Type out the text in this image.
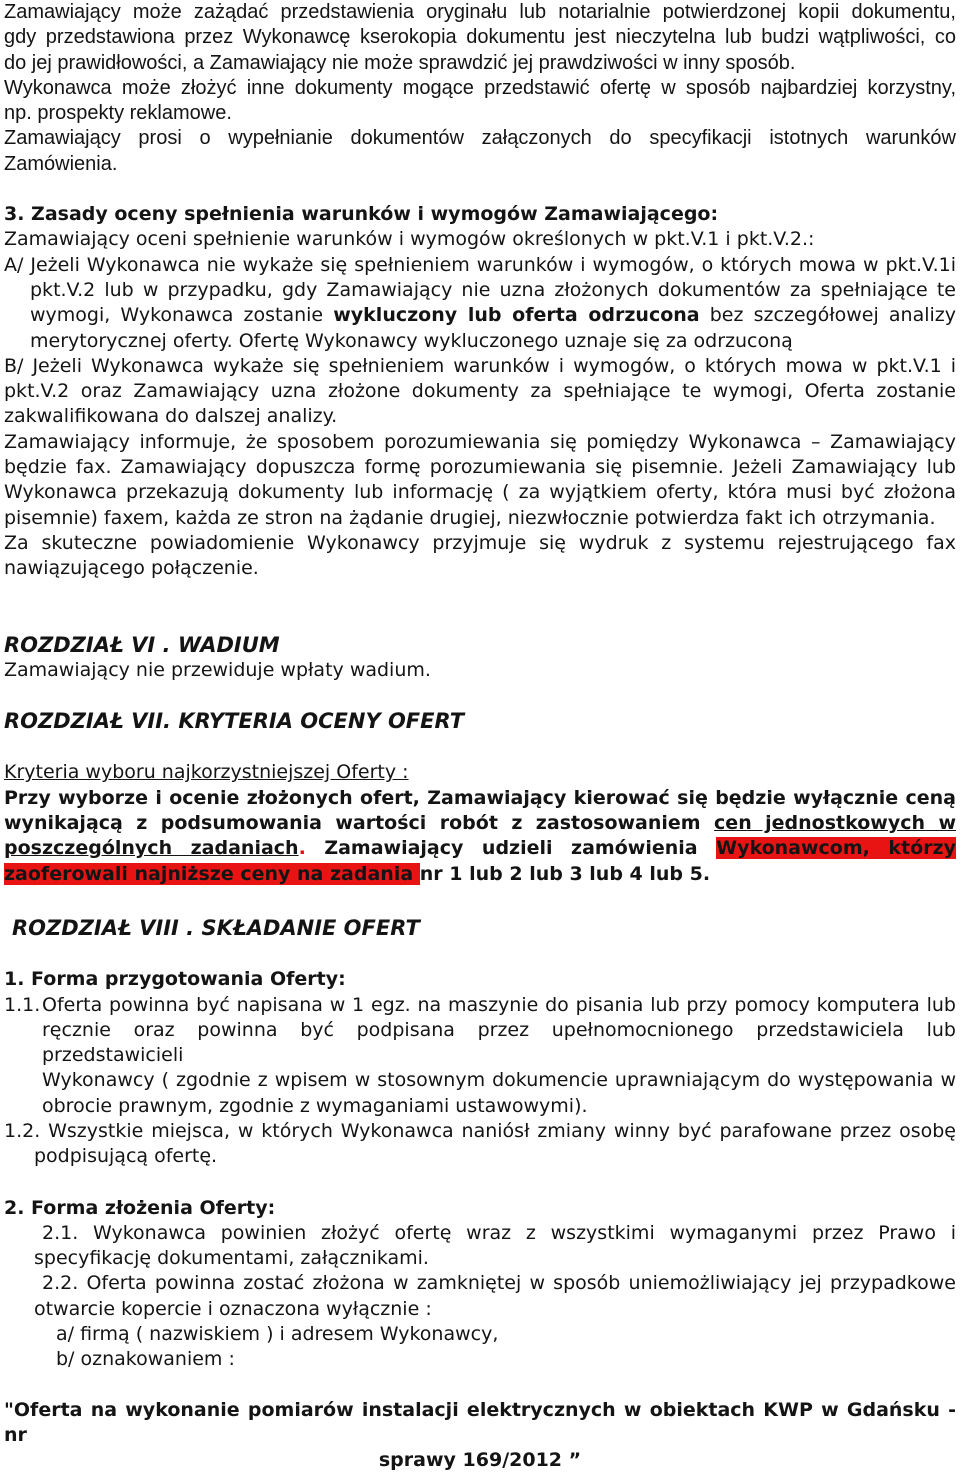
Zamawiający może zażądać przedstawienia oryginału lub notarialnie potwierdzonej kopii dokumentu,

gdy przedstawiona przez Wykonawcę kserokopia dokumentu jest nieczytelna lub budzi wątpliwości, co

do jej prawidłowości, a Zamawiający nie może sprawdzić jej prawdziwości w inny sposób.

Wykonawca może złożyć inne dokumenty mogące przedstawić ofertę w sposób najbardziej korzystny,

np. prospekty reklamowe.

Zamawiający prosi o wypełnianie dokumentów załączonych do specyfikacji istotnych warunków

Zamówienia.

3. Zasady oceny spełnienia warunków i wymogów Zamawiającego:

Zamawiający oceni spełnienie warunków i wymogów określonych w pkt.V.1 i pkt.V.2.:

A/ Jeżeli Wykonawca nie wykaże się spełnieniem warunków i wymogów, o których mowa w pkt.V.1i

pkt.V.2 lub w przypadku, gdy Zamawiający nie uzna złożonych dokumentów za spełniające te

wymogi, Wykonawca zostanie wykluczony lub oferta odrzucona bez szczegółowej analizy

merytorycznej oferty. Ofertę Wykonawcy wykluczonego uznaje się za odrzuconą

B/ Jeżeli Wykonawca wykaże się spełnieniem warunków i wymogów, o których mowa w pkt.V.1 i

pkt.V.2 oraz Zamawiający uzna złożone dokumenty za spełniające te wymogi, Oferta zostanie

zakwalifikowana do dalszej analizy.

Zamawiający informuje, że sposobem porozumiewania się pomiędzy Wykonawca – Zamawiający

będzie fax. Zamawiający dopuszcza formę porozumiewania się pisemnie. Jeżeli Zamawiający lub

Wykonawca przekazują dokumenty lub informację ( za wyjątkiem oferty, która musi być złożona

pisemnie) faxem, każda ze stron na żądanie drugiej, niezwłocznie potwierdza fakt ich otrzymania.

Za skuteczne powiadomienie Wykonawcy przyjmuje się wydruk z systemu rejestrującego fax

nawiązującego połączenie.

ROZDZIAŁ VI . WADIUM

Zamawiający nie przewiduje wpłaty wadium.

ROZDZIAŁ VII. KRYTERIA OCENY OFERT

Kryteria wyboru najkorzystniejszej Oferty :

Przy wyborze i ocenie złożonych ofert, Zamawiający kierować się będzie wyłącznie ceną

wynikającą z podsumowania wartości robót z zastosowaniem cen jednostkowych w

poszczególnych zadaniach. Zamawiający udzieli zamówienia Wykonawcom, którzy

zaoferowali najniższe ceny na zadania nr 1 lub 2 lub 3 lub 4 lub 5.

ROZDZIAŁ VIII . SKŁADANIE OFERT

1. Forma przygotowania Oferty:

1.1.Oferta powinna być napisana w 1 egz. na maszynie do pisania lub przy pomocy komputera lub

ręcznie oraz powinna być podpisana przez upełnomocnionego przedstawiciela lub przedstawicieli

Wykonawcy ( zgodnie z wpisem w stosownym dokumencie uprawniającym do występowania w

obrocie prawnym, zgodnie z wymaganiami ustawowymi).

1.2. Wszystkie miejsca, w których Wykonawca naniósł zmiany winny być parafowane przez osobę

podpisującą ofertę.

2. Forma złożenia Oferty:

2.1. Wykonawca powinien złożyć ofertę wraz z wszystkimi wymaganymi przez Prawo i

specyfikację dokumentami, załącznikami.

2.2. Oferta powinna zostać złożona w zamkniętej w sposób uniemożliwiający jej przypadkowe

otwarcie kopercie i oznaczona wyłącznie :

a/ firmą ( nazwiskiem ) i adresem Wykonawcy,

b/ oznakowaniem :

"Oferta na wykonanie pomiarów instalacji elektrycznych w obiektach KWP w Gdańsku -nr

sprawy 169/2012 ”
